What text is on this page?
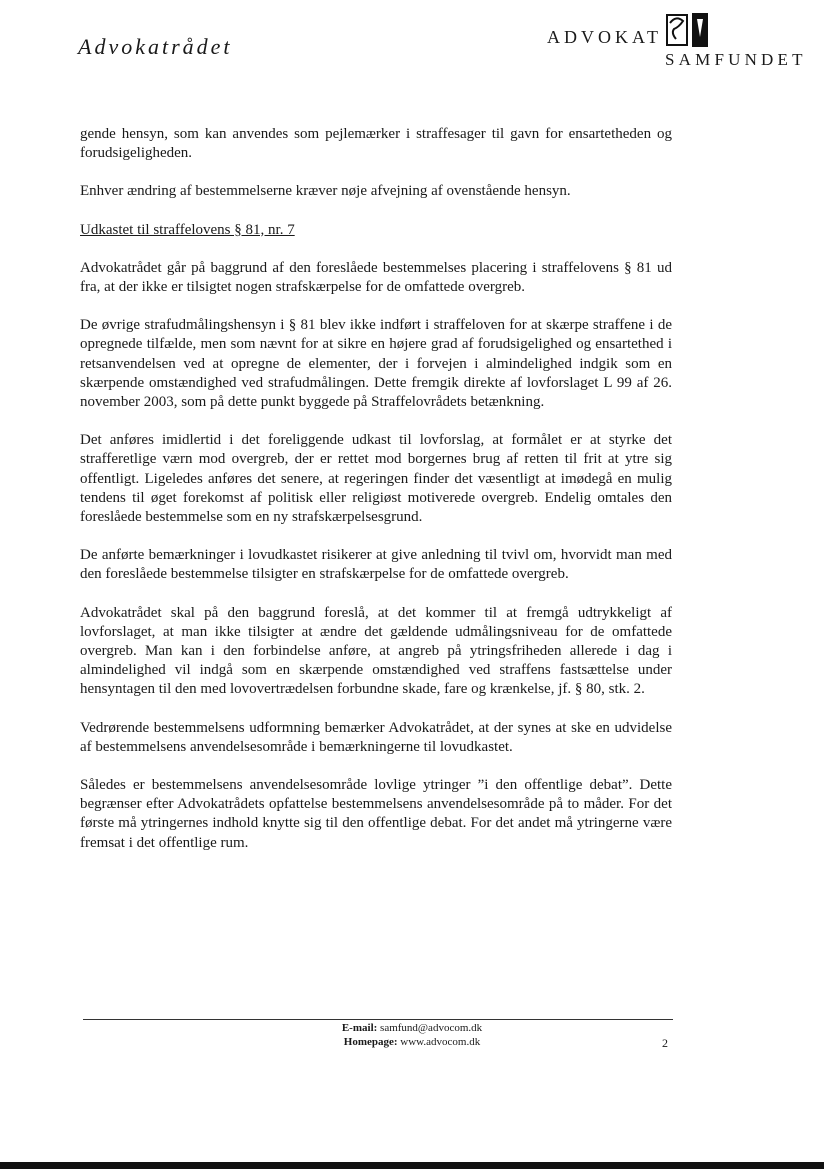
Advokatrådet	ADVOKAT
SAMFUNDET

gende hensyn, som kan anvendes som pejlemærker i straffesager til gavn for ensartetheden og forudsigeligheden.

Enhver ændring af bestemmelserne kræver nøje afvejning af ovenstående hensyn.

Udkastet til straffelovens § 81, nr. 7

Advokatrådet går på baggrund af den foreslåede bestemmelses placering i straffelovens § 81 ud fra, at der ikke er tilsigtet nogen strafskærpelse for de omfattede overgreb.

De øvrige strafudmålingshensyn i § 81 blev ikke indført i straffeloven for at skærpe straffene i de opregnede tilfælde, men som nævnt for at sikre en højere grad af forudsigelighed og ensartethed i retsanvendelsen ved at opregne de elementer, der i forvejen i almindelighed indgik som en skærpende omstændighed ved strafudmålingen. Dette fremgik direkte af lovforslaget L 99 af 26. november 2003, som på dette punkt byggede på Straffelovrådets betænkning.

Det anføres imidlertid i det foreliggende udkast til lovforslag, at formålet er at styrke det strafferetlige værn mod overgreb, der er rettet mod borgernes brug af retten til frit at ytre sig offentligt. Ligeledes anføres det senere, at regeringen finder det væsentligt at imødegå en mulig tendens til øget forekomst af politisk eller religiøst motiverede overgreb. Endelig omtales den foreslåede bestemmelse som en ny strafskærpelsesgrund.

De anførte bemærkninger i lovudkastet risikerer at give anledning til tvivl om, hvorvidt man med den foreslåede bestemmelse tilsigter en strafskærpelse for de omfattede overgreb.

Advokatrådet skal på den baggrund foreslå, at det kommer til at fremgå udtrykkeligt af lovforslaget, at man ikke tilsigter at ændre det gældende udmålingsniveau for de omfattede overgreb. Man kan i den forbindelse anføre, at angreb på ytringsfriheden allerede i dag i almindelighed vil indgå som en skærpende omstændighed ved straffens fastsættelse under hensyntagen til den med lovovertrædelsen forbundne skade, fare og krænkelse, jf. § 80, stk. 2.

Vedrørende bestemmelsens udformning bemærker Advokatrådet, at der synes at ske en udvidelse af bestemmelsens anvendelsesområde i bemærkningerne til lovudkastet.

Således er bestemmelsens anvendelsesområde lovlige ytringer ”i den offentlige debat”. Dette begrænser efter Advokatrådets opfattelse bestemmelsens anvendelsesområde på to måder. For det første må ytringernes indhold knytte sig til den offentlige debat. For det andet må ytringerne være fremsat i det offentlige rum.

E-mail: samfund@advocom.dk
Homepage: www.advocom.dk	2
